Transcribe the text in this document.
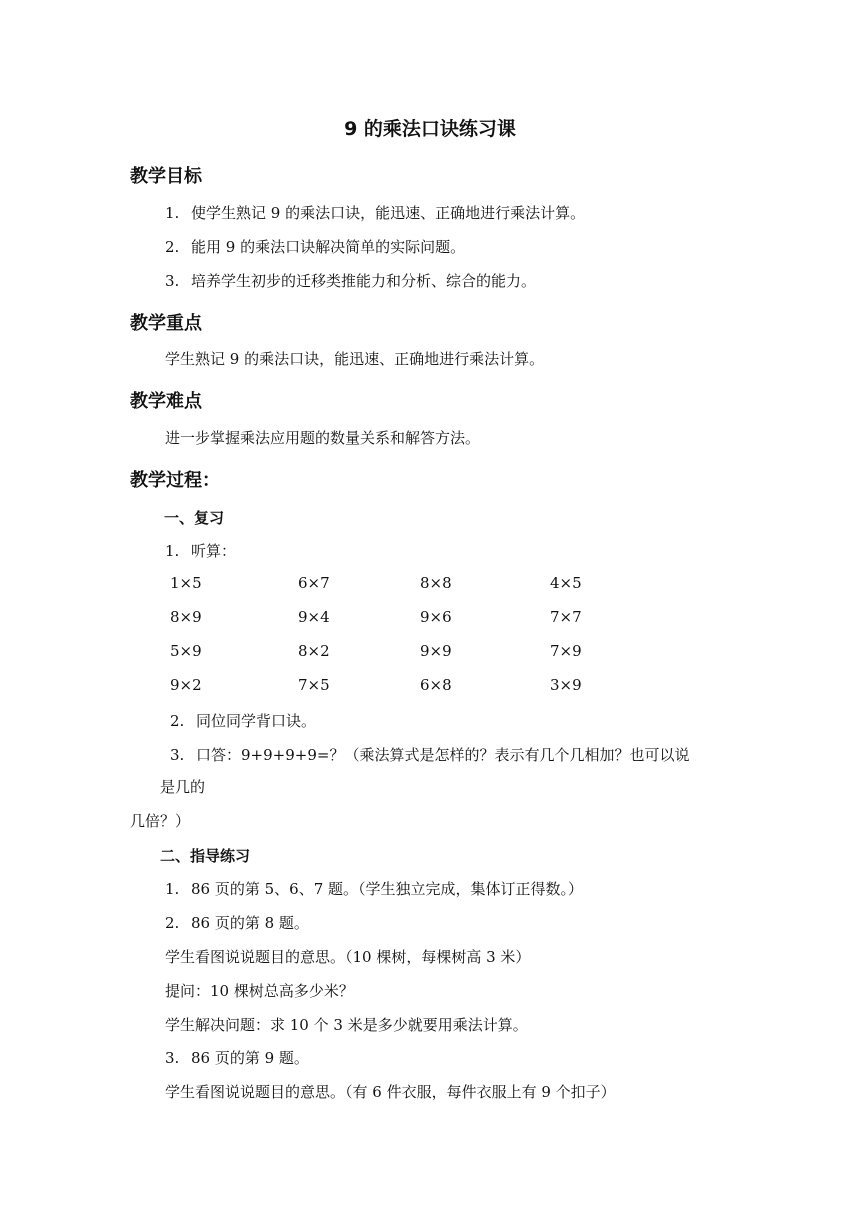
9 的乘法口诀练习课
教学目标
1. 使学生熟记 9 的乘法口诀，能迅速、正确地进行乘法计算。
2. 能用 9 的乘法口诀解决简单的实际问题。
3. 培养学生初步的迁移类推能力和分析、综合的能力。
教学重点
学生熟记 9 的乘法口诀，能迅速、正确地进行乘法计算。
教学难点
进一步掌握乘法应用题的数量关系和解答方法。
教学过程：
一、复习
1. 听算：
1×5	6×7	8×8	4×5
8×9	9×4	9×6	7×7
5×9	8×2	9×9	7×9
9×2	7×5	6×8	3×9
2. 同位同学背口诀。
3. 口答：9+9+9+9=？（乘法算式是怎样的？表示有几个几相加？也可以说
是几的
几倍？）
二、指导练习
1. 86 页的第 5、6、7 题。（学生独立完成，集体订正得数。）
2. 86 页的第 8 题。
学生看图说说题目的意思。（10 棵树，每棵树高 3 米）
提问：10 棵树总高多少米？
学生解决问题：求 10 个 3 米是多少就要用乘法计算。
3. 86 页的第 9 题。
学生看图说说题目的意思。（有 6 件衣服，每件衣服上有 9 个扣子）
